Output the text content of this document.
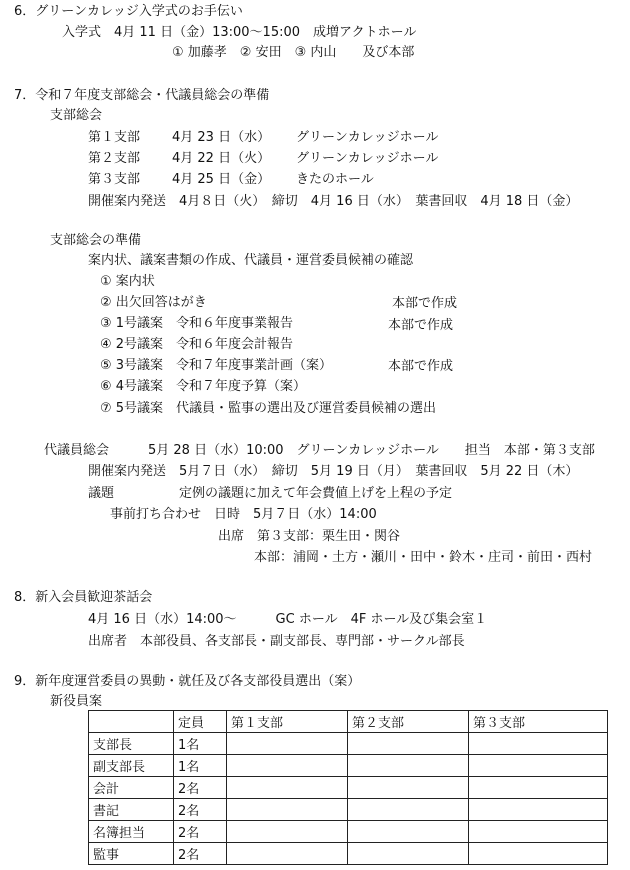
6．グリーンカレッジ入学式のお手伝い
入学式　4月 11 日（金）13:00～15:00　成増アクトホール
① 加藤孝　② 安田　③ 内山　　及び本部
7．令和７年度支部総会・代議員総会の準備
支部総会
第１支部 4月 23 日（水） グリーンカレッジホール
第２支部 4月 22 日（火） グリーンカレッジホール
第３支部 4月 25 日（金） きたのホール
開催案内発送　4月８日（火）　締切　4月 16 日（水）　葉書回収　4月 18 日（金）
支部総会の準備
案内状、議案書類の作成、代議員・運営委員候補の確認
① 案内状
② 出欠回答はがき	本部で作成
③ 1号議案　令和６年度事業報告	本部で作成
④ 2号議案　令和６年度会計報告
⑤ 3号議案　令和７年度事業計画（案）	本部で作成
⑥ 4号議案　令和７年度予算（案）
⑦ 5号議案　代議員・監事の選出及び運営委員候補の選出
代議員総会　　　5月 28 日（水）10:00　グリーンカレッジホール　　担当　本部・第３支部
開催案内発送　5月７日（水）　締切　5月 19 日（月）　葉書回収　5月 22 日（木）
議題　　　　　定例の議題に加えて年会費値上げを上程の予定
事前打ち合わせ　日時　5月７日（水）14:00
出席　第３支部：栗生田・関谷
本部：浦岡・土方・瀬川・田中・鈴木・庄司・前田・西村
8．新入会員歓迎茶話会
4月 16 日（水）14:00～　　　GC ホール　4F ホール及び集会室１
出席者　本部役員、各支部長・副支部長、専門部・サークル部長
9．新年度運営委員の異動・就任及び各支部役員選出（案）
新役員案
	定員	第１支部	第２支部	第３支部
支部長	1名			
副支部長	1名			
会計	2名			
書記	2名			
名簿担当	2名			
監事	2名			
